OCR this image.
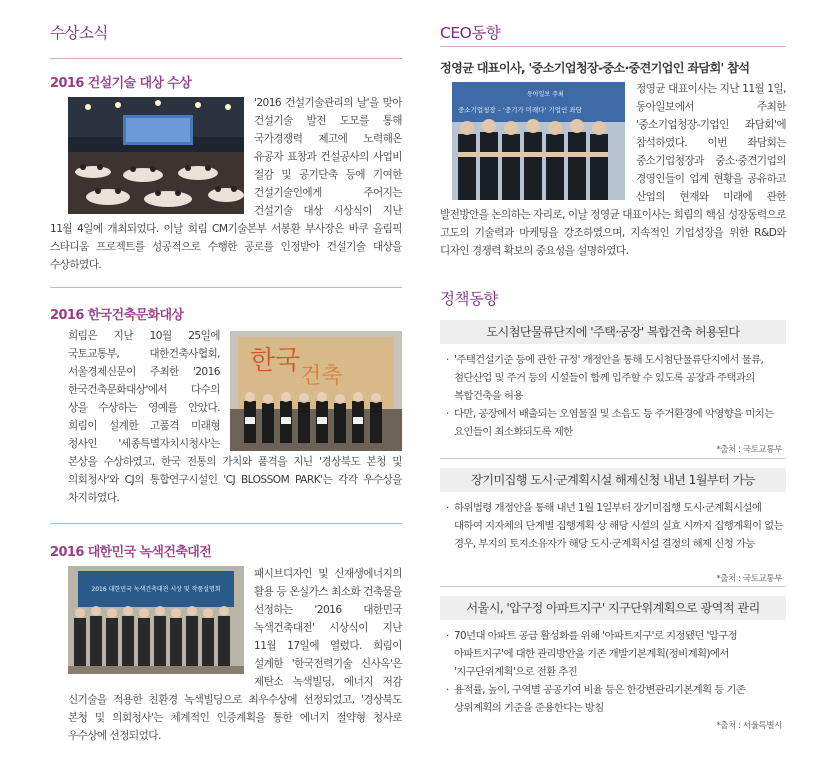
수상소식
2016 건설기술 대상 수상

'2016 건설기술관리의 날'을 맞아 건설기술 발전 도모를 통해 국가경쟁력 제고에 노력해온 유공자 표창과 건설공사의 사업비 절감 및 공기단축 등에 기여한 건설기술인에게 주어지는 건설기술 대상 시상식이 지난 11월 4일에 개최되었다. 이날 희림 CM기술본부 서봉환 부사장은 바쿠 올림픽 스타디움 프로젝트를 성공적으로 수행한 공로를 인정받아 건설기술 대상을 수상하였다.

2016 한국건축문화대상
한국
건축

희림은 지난 10월 25일에 국토교통부, 대한건축사협회, 서울경제신문이 주최한 '2016 한국건축문화대상'에서 다수의 상을 수상하는 영예를 안았다. 희림이 설계한 고품격 미래형 청사인 '세종특별자치시청사'는 본상을 수상하였고, 한국 전통의 가치와 품격을 지닌 '경상북도 본청 및 의회청사'와 CJ의 통합연구시설인 'CJ BLOSSOM PARK'는 각각 우수상을 차지하였다.

2016 대한민국 녹색건축대전
2016 대한민국 녹색건축대전 시상 및 작품설명회

패시브디자인 및 신재생에너지의 활용 등 온실가스 최소화 건축물을 선정하는 '2016 대한민국 녹색건축대전' 시상식이 지난 11월 17일에 열렸다. 희림이 설계한 '한국전력기술 신사옥'은 제탄소 녹색빌딩, 에너지 저감 신기술을 적용한 친환경 녹색빌딩으로 최우수상에 선정되었고, '경상북도 본청 및 의회청사'는 체계적인 인증계획을 통한 에너지 절약형 청사로 우수상에 선정되었다.

CEO동향
정영균 대표이사, '중소기업청장-중소·중견기업인 좌담회' 참석
동아일보 주최
중소기업청장 – '중기가 미래다' 기업인 좌담

정영균 대표이사는 지난 11월 1일, 동아일보에서 주최한 '중소기업청장-기업인 좌담회'에 참석하였다. 이번 좌담회는 중소기업청장과 중소·중견기업의 경영인들이 업계 현황을 공유하고 산업의 현재와 미래에 관한 발전방안을 논의하는 자리로, 이날 정영균 대표이사는 희림의 핵심 성장동력으로 고도의 기술력과 마케팅을 강조하였으며, 지속적인 기업성장을 위한 R&D와 디자인 경쟁력 확보의 중요성을 설명하였다.

정책동향
도시첨단물류단지에 '주택·공장' 복합건축 허용된다
· '주택건설기준 등에 관한 규정' 개정안을 통해 도시첨단물류단지에서 물류, 첨단산업 및 주거 등의 시설들이 함께 입주할 수 있도록 공장과 주택과의 복합건축을 허용
· 다만, 공장에서 배출되는 오염물질 및 소음도 등 주거환경에 악영향을 미치는 요인들이 최소화되도록 제한
*출처 : 국토교통부
장기미집행 도시·군계획시설 해제신청 내년 1월부터 가능
· 하위법령 개정안을 통해 내년 1월 1일부터 장기미집행 도시·군계획시설에 대하여 지자체의 단계별 집행계획 상 해당 시설의 실효 시까지 집행계획이 없는 경우, 부지의 토지소유자가 해당 도시·군계획시설 결정의 해제 신청 가능
*출처 : 국토교통부
서울시, '압구정 아파트지구' 지구단위계획으로 광역적 관리
· 70년대 아파트 공급 활성화를 위해 '아파트지구'로 지정됐던 '압구정 아파트지구'에 대한 관리방안을 기존 개발기본계획(정비계획)에서 '지구단위계획'으로 전환 추진
· 용적률, 높이, 구역별 공공기여 비율 등은 한강변관리기본계획 등 기존 상위계획의 기준을 준용한다는 방침
*출처 : 서울특별시
